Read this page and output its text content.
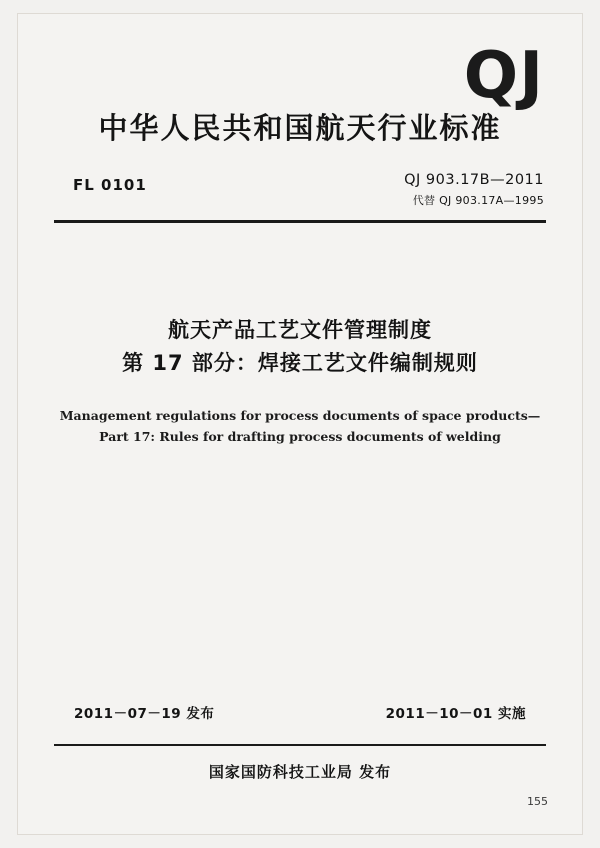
QJ
中华人民共和国航天行业标准
FL 0101	QJ 903.17B—2011
代替 QJ 903.17A—1995
航天产品工艺文件管理制度
第 17 部分：焊接工艺文件编制规则
Management regulations for process documents of space products—
Part 17: Rules for drafting process documents of welding
2011－07－19 发布	2011－10－01 实施
国家国防科技工业局 发布
155
